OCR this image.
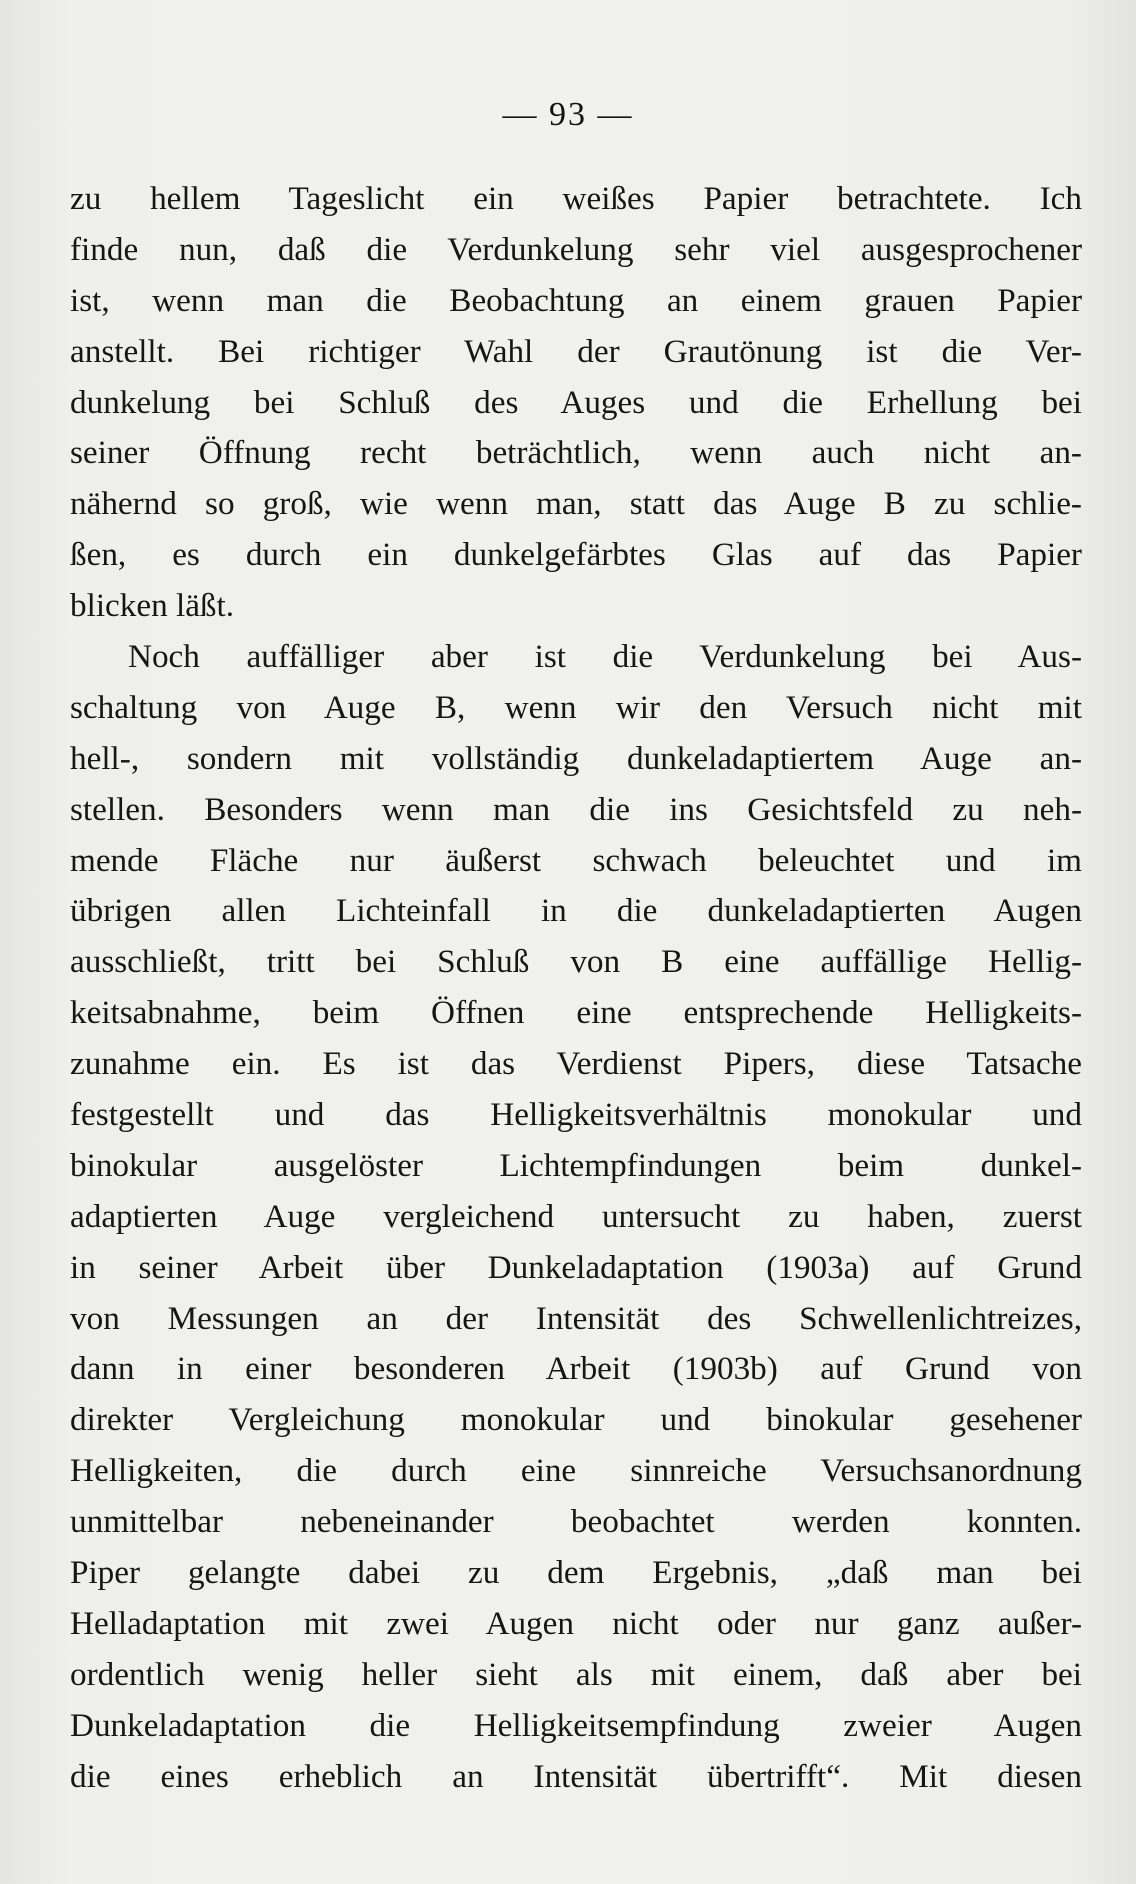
— 93 —
zu hellem Tageslicht ein weißes Papier betrachtete. Ich
finde nun, daß die Verdunkelung sehr viel ausgesprochener
ist, wenn man die Beobachtung an einem grauen Papier
anstellt. Bei richtiger Wahl der Grautönung ist die Ver-
dunkelung bei Schluß des Auges und die Erhellung bei
seiner Öffnung recht beträchtlich, wenn auch nicht an-
nähernd so groß, wie wenn man, statt das Auge B zu schlie-
ßen, es durch ein dunkelgefärbtes Glas auf das Papier
blicken läßt.
Noch auffälliger aber ist die Verdunkelung bei Aus-
schaltung von Auge B, wenn wir den Versuch nicht mit
hell-, sondern mit vollständig dunkeladaptiertem Auge an-
stellen. Besonders wenn man die ins Gesichtsfeld zu neh-
mende Fläche nur äußerst schwach beleuchtet und im
übrigen allen Lichteinfall in die dunkeladaptierten Augen
ausschließt, tritt bei Schluß von B eine auffällige Hellig-
keitsabnahme, beim Öffnen eine entsprechende Helligkeits-
zunahme ein. Es ist das Verdienst Pipers, diese Tatsache
festgestellt und das Helligkeitsverhältnis monokular und
binokular ausgelöster Lichtempfindungen beim dunkel-
adaptierten Auge vergleichend untersucht zu haben, zuerst
in seiner Arbeit über Dunkeladaptation (1903a) auf Grund
von Messungen an der Intensität des Schwellenlichtreizes,
dann in einer besonderen Arbeit (1903b) auf Grund von
direkter Vergleichung monokular und binokular gesehener
Helligkeiten, die durch eine sinnreiche Versuchsanordnung
unmittelbar nebeneinander beobachtet werden konnten.
Piper gelangte dabei zu dem Ergebnis, „daß man bei
Helladaptation mit zwei Augen nicht oder nur ganz außer-
ordentlich wenig heller sieht als mit einem, daß aber bei
Dunkeladaptation die Helligkeitsempfindung zweier Augen
die eines erheblich an Intensität übertrifft“. Mit diesen
